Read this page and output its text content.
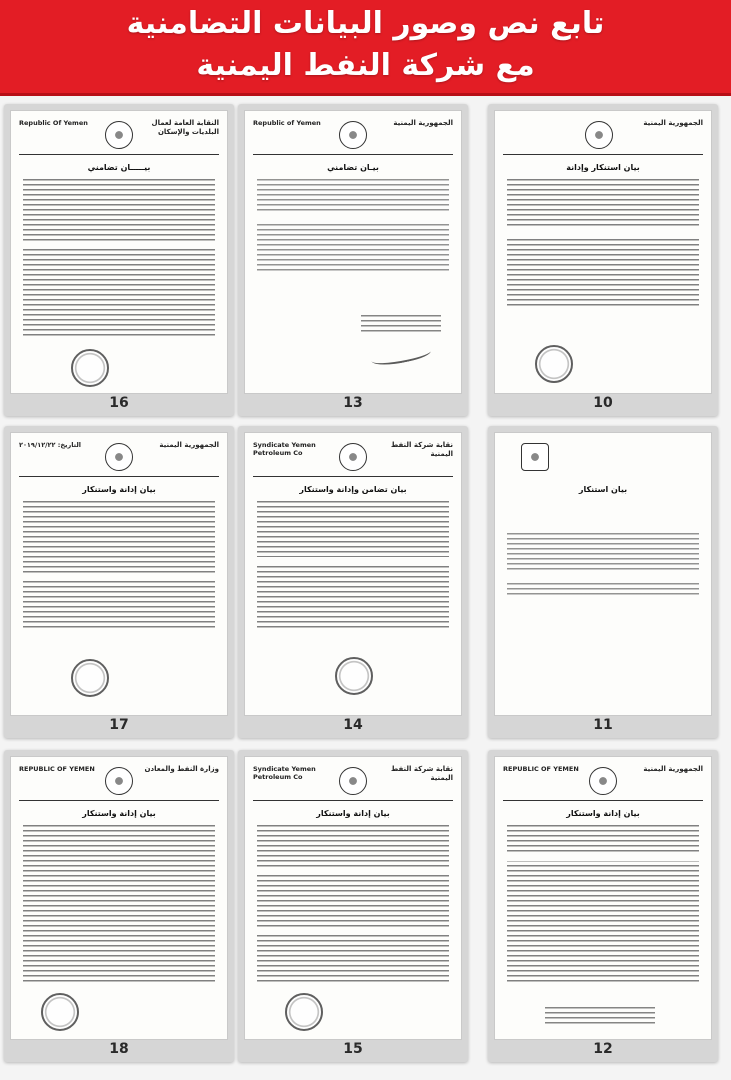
تابع نص وصور البيانات التضامنية
مع شركة النفط اليمنية
النقابة العامة لعمال البلديات والإسكان
Republic Of Yemen
بيـــــان تضامني
16
الجمهورية اليمنية
Republic of Yemen
بيـان تضامني
13
الجمهورية اليمنية
بيان استنكار وإدانة
10
الجمهورية اليمنية
التاريخ: ٢٠١٩/١٢/٢٢
بيان إدانة واستنكار
17
نقابة شركة النفط اليمنية
Syndicate Yemen Petroleum Co
بيان تضامن وإدانة واستنكار
14
بيان استنكار
11
وزارة النفط والمعادن
REPUBLIC OF YEMEN
بيان إدانة واستنكار
18
نقابة شركة النفط اليمنية
Syndicate Yemen Petroleum Co
بيان إدانة واستنكار
15
الجمهورية اليمنية
REPUBLIC OF YEMEN
بيان إدانة واستنكار
12
